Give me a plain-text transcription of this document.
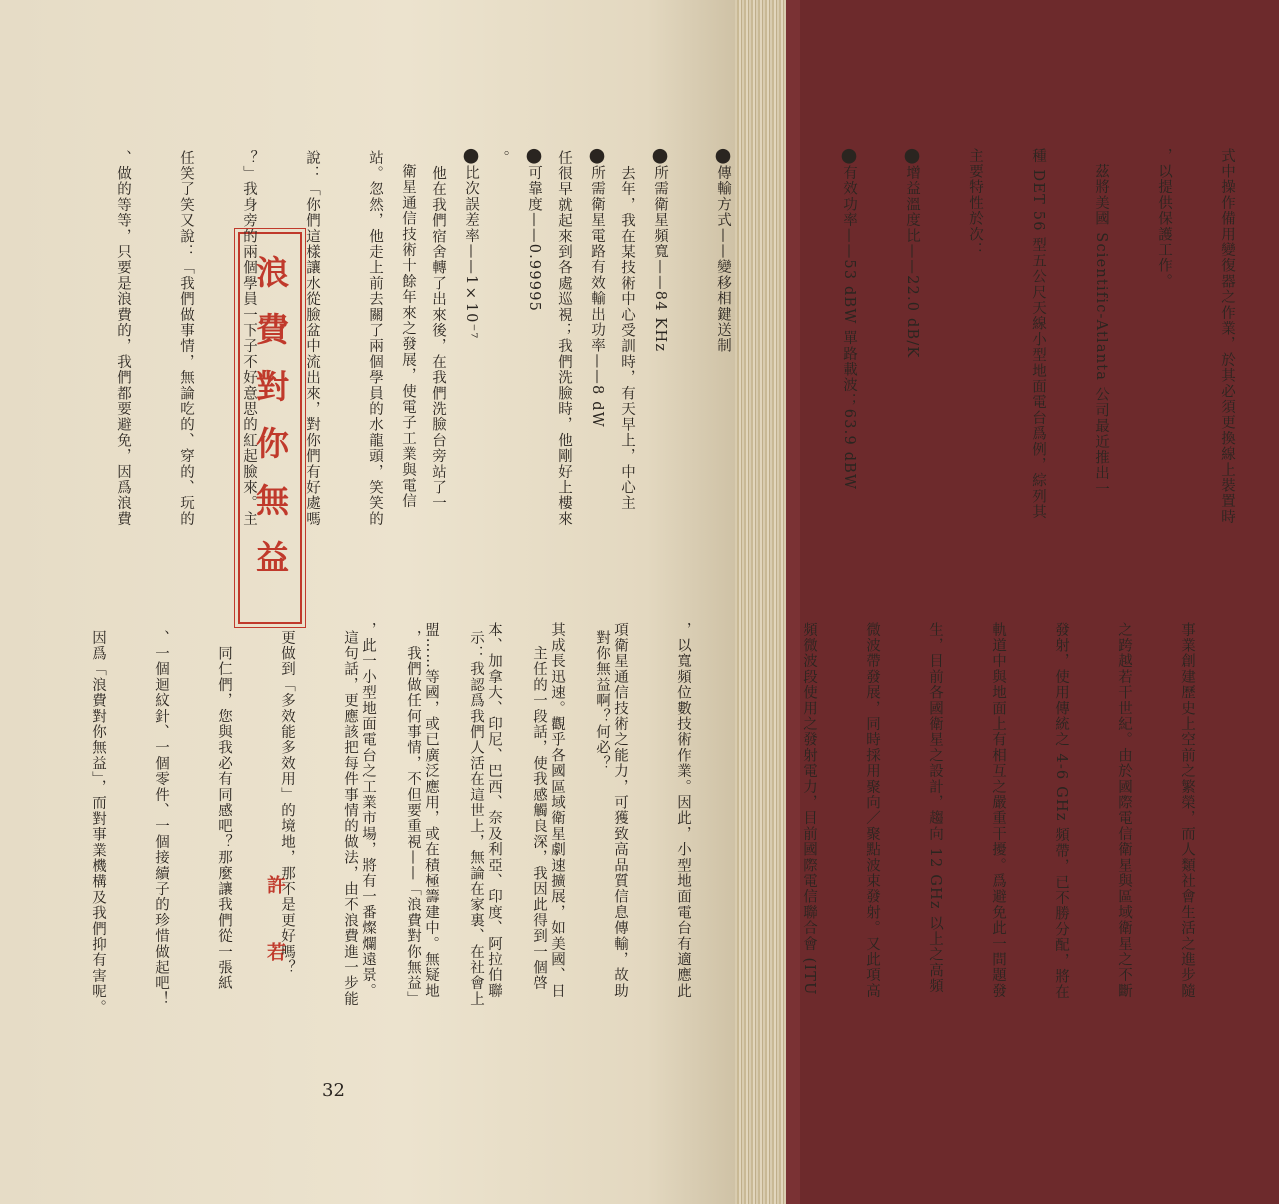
式中操作備用變復器之作業，於其必須更換線上裝置時

，以提供保護工作。

　茲將美國 Scientific-Atlanta 公司最近推出一

種 DET 56 型五公尺天線小型地面電台爲例，綜列其

主要特性於次：

⬤增益溫度比——22.0 dB/K

⬤有效功率——53 dBW 單路載波；63.9 dBW

⬤傳輸方式——變移相鍵送制

⬤所需衛星頻寬——84 KHz

⬤所需衛星電路有效輸出功率——8 dW

⬤可靠度——0.99995

⬤比次誤差率——1×10⁻⁷

　衛星通信技術十餘年來之發展，使電子工業與電信

浪費對你無益

	　去年，我在某技術中心受訓時，有天早上，中心主

任很早就起來到各處巡視；我們洗臉時，他剛好上樓來

。

　他在我們宿舍轉了出來後，在我們洗臉台旁站了一

站。忽然，他走上前去關了兩個學員的水龍頭，笑笑的

說：「你們這樣讓水從臉盆中流出來，對你們有好處嗎

？」我身旁的兩個學員一下子不好意思的紅起臉來。主

任笑了笑又說：「我們做事情，無論吃的、穿的、玩的

、做的等等，只要是浪費的，我們都要避免，因爲浪費

事業創建歷史上空前之繁榮，而人類社會生活之進步隨

之跨越若干世紀。由於國際電信衛星與區域衛星之不斷

發射，使用傳統之 4-6 GHz 頻帶，已不勝分配，將在

軌道中與地面上有相互之嚴重干擾。爲避免此一問題發

生，目前各國衛星之設計，趨向 12 GHz 以上之高頻

微波帶發展，同時採用聚向／聚點波束發射。又此項高

頻微波段使用之發射電力，目前國際電信聯合會 (ITU

，以寬頻位數技術作業。因此，小型地面電台有適應此

項衛星通信技術之能力，可獲致高品質信息傳輸，故助

其成長迅速。觀乎各國區域衛星劇速擴展，如美國、日

本、加拿大、印尼、巴西、奈及利亞、印度、阿拉伯聯

盟……等國，或已廣泛應用，或在積極籌建中。無疑地

，此一小型地面電台之工業市場，將有一番燦爛遠景。

許若

對你無益啊？何必？

　主任的一段話，使我感觸良深，我因此得到一個啓

示：我認爲我們人活在這世上，無論在家裏、在社會上

，我們做任何事情，不但要重視——「浪費對你無益」

這句話，更應該把每件事情的做法，由不浪費進一步能

更做到「多效能多效用」的境地，那不是更好嗎？

　同仁們，您與我必有同感吧？那麼讓我們從一張紙

、一個迴紋針、一個零件、一個接續子的珍惜做起吧！

因爲「浪費對你無益」，而對事業機構及我們抑有害呢。

32
